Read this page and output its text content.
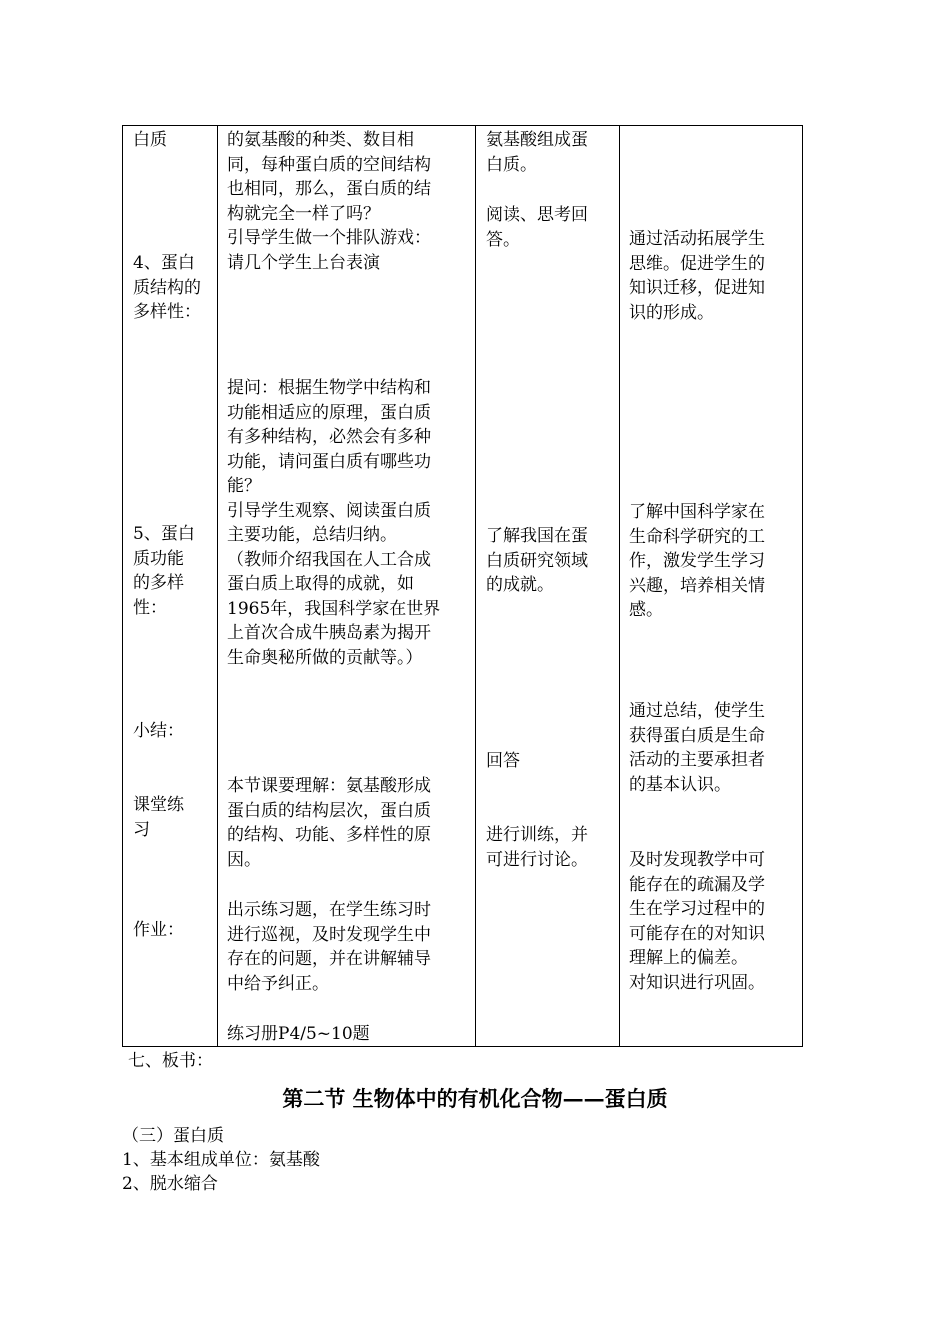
白质
4、蛋白
质结构的
多样性：
5、蛋白
质功能
的多样
性：
小结：
课堂练
习
作业：
的氨基酸的种类、数目相
同，每种蛋白质的空间结构
也相同，那么，蛋白质的结
构就完全一样了吗？
引导学生做一个排队游戏：
请几个学生上台表演
提问：根据生物学中结构和
功能相适应的原理，蛋白质
有多种结构，必然会有多种
功能，请问蛋白质有哪些功
能？
引导学生观察、阅读蛋白质
主要功能，总结归纳。
（教师介绍我国在人工合成
蛋白质上取得的成就，如
1965年，我国科学家在世界
上首次合成牛胰岛素为揭开
生命奥秘所做的贡献等。）
本节课要理解：氨基酸形成
蛋白质的结构层次，蛋白质
的结构、功能、多样性的原
因。
出示练习题，在学生练习时
进行巡视，及时发现学生中
存在的问题，并在讲解辅导
中给予纠正。
练习册P4/5~10题
氨基酸组成蛋
白质。
阅读、思考回
答。
了解我国在蛋
白质研究领域
的成就。
回答
进行训练，并
可进行讨论。
通过活动拓展学生
思维。促进学生的
知识迁移，促进知
识的形成。
了解中国科学家在
生命科学研究的工
作，激发学生学习
兴趣，培养相关情
感。
通过总结，使学生
获得蛋白质是生命
活动的主要承担者
的基本认识。
及时发现教学中可
能存在的疏漏及学
生在学习过程中的
可能存在的对知识
理解上的偏差。
对知识进行巩固。
七、板书：
第二节 生物体中的有机化合物——蛋白质
（三）蛋白质
1、基本组成单位：氨基酸
2、脱水缩合
